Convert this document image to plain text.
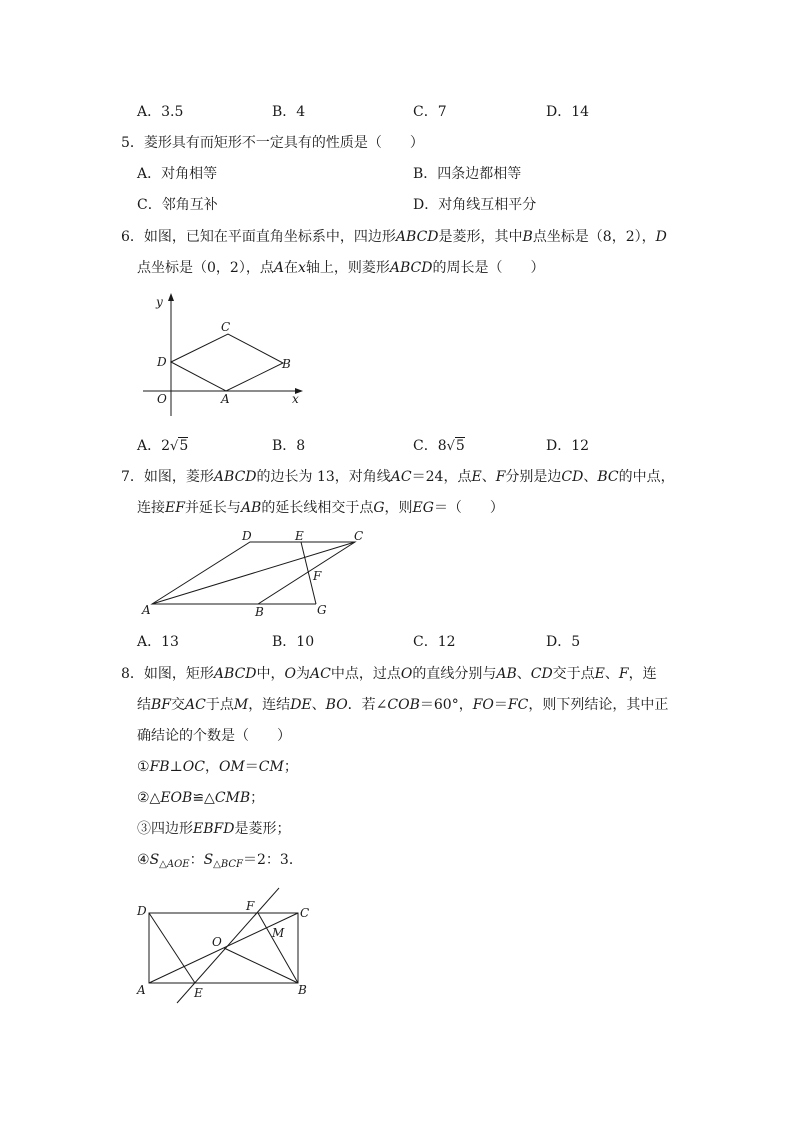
A．3.5	B．4	C．7	D．14
5．菱形具有而矩形不一定具有的性质是（　　）
A．对角相等	B．四条边都相等
C．邻角互补	D．对角线互相平分
6．如图，已知在平面直角坐标系中，四边形ABCD是菱形，其中B点坐标是（8，2），D
点坐标是（0，2），点A在x轴上，则菱形ABCD的周长是（　　）
y
x
O	A
B
C
D
A．2√5	B．8	C．8√5	D．12
7．如图，菱形ABCD的边长为 13，对角线AC＝24，点E、F分别是边CD、BC的中点，
连接EF并延长与AB的延长线相交于点G，则EG＝（　　）
A	B
C
D	E
F
G
A．13	B．10	C．12	D．5
8．如图，矩形ABCD中，O为AC中点，过点O的直线分别与AB、CD交于点E、F，连
结BF交AC于点M，连结DE、BO．若∠COB＝60°，FO＝FC，则下列结论，其中正
确结论的个数是（　　）
①FB⊥OC，OM＝CM；
②△EOB≌△CMB；
③四边形EBFD是菱形；
$④S_{\triangle AOE}$：$S_{\triangle BCF}=2$：3．
A	B
C
D
E
F
O
M
